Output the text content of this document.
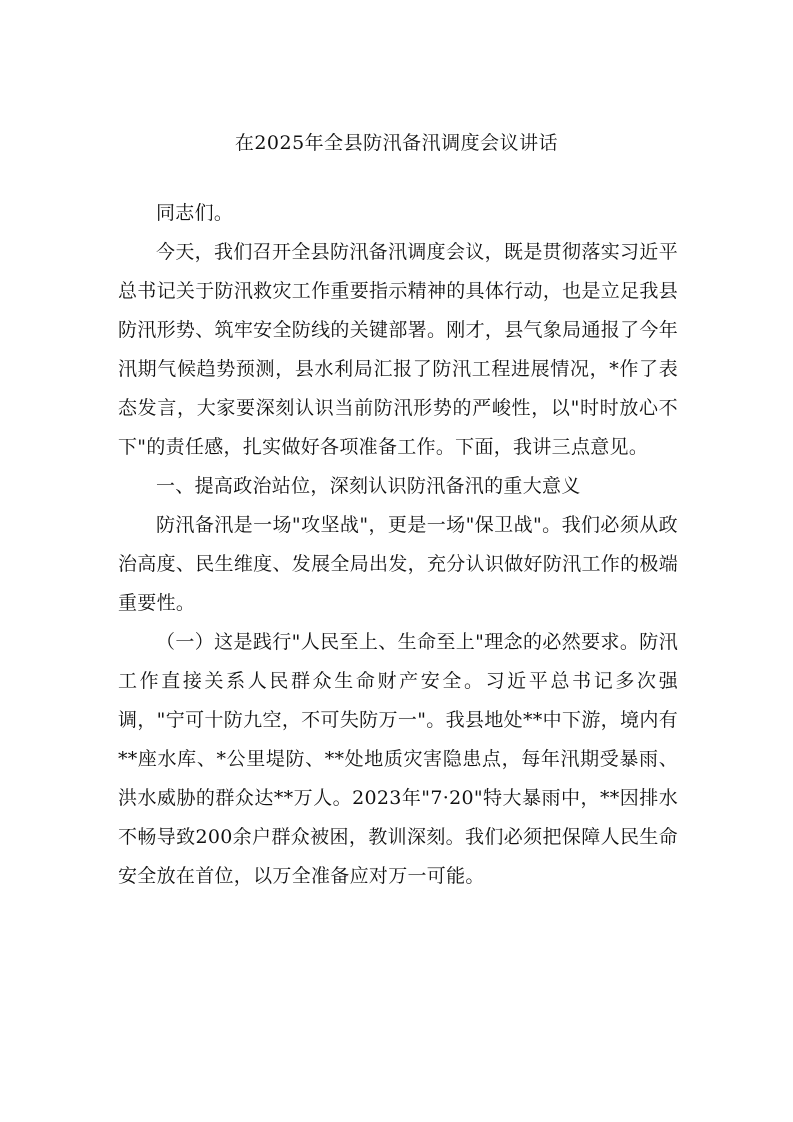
在2025年全县防汛备汛调度会议讲话

同志们。

今天，我们召开全县防汛备汛调度会议，既是贯彻落实习近平总书记关于防汛救灾工作重要指示精神的具体行动，也是立足我县防汛形势、筑牢安全防线的关键部署。刚才，县气象局通报了今年汛期气候趋势预测，县水利局汇报了防汛工程进展情况，*作了表态发言，大家要深刻认识当前防汛形势的严峻性，以"时时放心不下"的责任感，扎实做好各项准备工作。下面，我讲三点意见。

一、提高政治站位，深刻认识防汛备汛的重大意义

防汛备汛是一场"攻坚战"，更是一场"保卫战"。我们必须从政治高度、民生维度、发展全局出发，充分认识做好防汛工作的极端重要性。

（一）这是践行"人民至上、生命至上"理念的必然要求。防汛工作直接关系人民群众生命财产安全。习近平总书记多次强调，"宁可十防九空，不可失防万一"。我县地处**中下游，境内有**座水库、*公里堤防、**处地质灾害隐患点，每年汛期受暴雨、洪水威胁的群众达**万人。2023年"7·20"特大暴雨中，**因排水不畅导致200余户群众被困，教训深刻。我们必须把保障人民生命安全放在首位，以万全准备应对万一可能。
